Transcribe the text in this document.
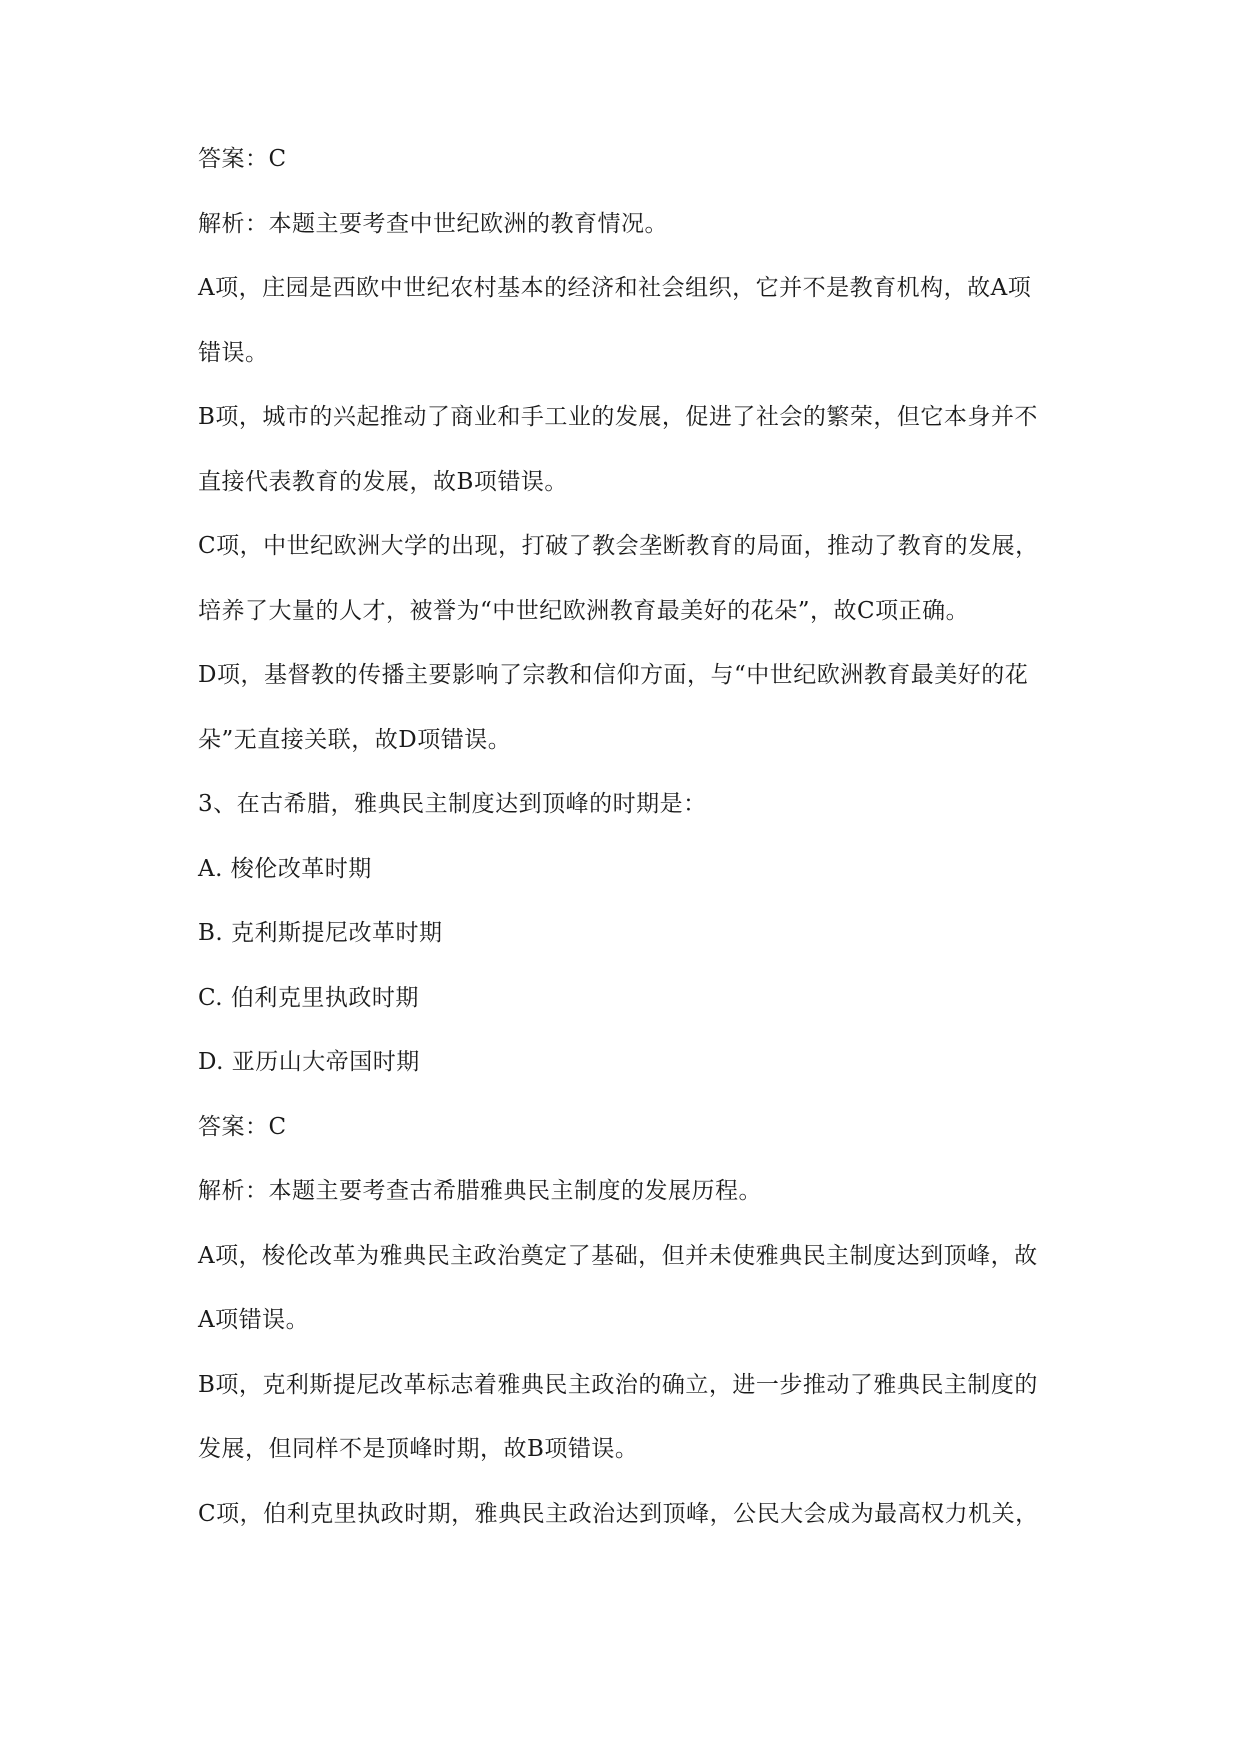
答案：C
解析：本题主要考查中世纪欧洲的教育情况。
A项，庄园是西欧中世纪农村基本的经济和社会组织，它并不是教育机构，故A项
错误。
B项，城市的兴起推动了商业和手工业的发展，促进了社会的繁荣，但它本身并不
直接代表教育的发展，故B项错误。
C项，中世纪欧洲大学的出现，打破了教会垄断教育的局面，推动了教育的发展，
培养了大量的人才，被誉为“中世纪欧洲教育最美好的花朵”，故C项正确。
D项，基督教的传播主要影响了宗教和信仰方面，与“中世纪欧洲教育最美好的花
朵”无直接关联，故D项错误。
3、在古希腊，雅典民主制度达到顶峰的时期是：
A. 梭伦改革时期
B. 克利斯提尼改革时期
C. 伯利克里执政时期
D. 亚历山大帝国时期
答案：C
解析：本题主要考查古希腊雅典民主制度的发展历程。
A项，梭伦改革为雅典民主政治奠定了基础，但并未使雅典民主制度达到顶峰，故
A项错误。
B项，克利斯提尼改革标志着雅典民主政治的确立，进一步推动了雅典民主制度的
发展，但同样不是顶峰时期，故B项错误。
C项，伯利克里执政时期，雅典民主政治达到顶峰，公民大会成为最高权力机关，
